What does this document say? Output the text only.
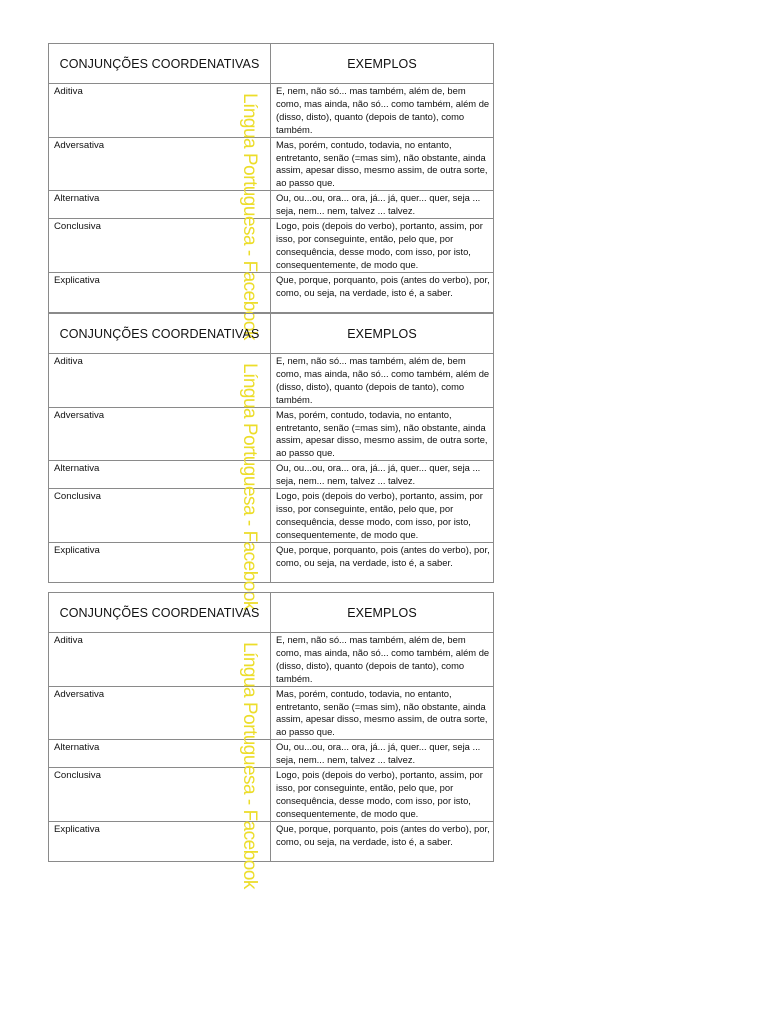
CONJUNÇÕES COORDENATIVAS	EXEMPLOS
Aditiva	E, nem, não só... mas também, além de, bem como, mas ainda, não só... como também, além de (disso, disto), quanto (depois de tanto), como também.
Adversativa	Mas, porém, contudo, todavia, no entanto, entretanto, senão (=mas sim), não obstante, ainda assim, apesar disso, mesmo assim, de outra sorte, ao passo que.
Alternativa	Ou, ou...ou, ora... ora, já... já, quer... quer, seja ... seja, nem... nem, talvez ... talvez.
Conclusiva	Logo, pois (depois do verbo), portanto, assim, por isso, por conseguinte, então, pelo que, por consequência, desse modo, com isso, por isto, consequentemente, de modo que.
Explicativa	Que, porque, porquanto, pois (antes do verbo), por, como, ou seja, na verdade, isto é, a saber.
Língua Portuguesa - Facebook
CONJUNÇÕES COORDENATIVAS	EXEMPLOS
Aditiva	E, nem, não só... mas também, além de, bem como, mas ainda, não só... como também, além de (disso, disto), quanto (depois de tanto), como também.
Adversativa	Mas, porém, contudo, todavia, no entanto, entretanto, senão (=mas sim), não obstante, ainda assim, apesar disso, mesmo assim, de outra sorte, ao passo que.
Alternativa	Ou, ou...ou, ora... ora, já... já, quer... quer, seja ... seja, nem... nem, talvez ... talvez.
Conclusiva	Logo, pois (depois do verbo), portanto, assim, por isso, por conseguinte, então, pelo que, por consequência, desse modo, com isso, por isto, consequentemente, de modo que.
Explicativa	Que, porque, porquanto, pois (antes do verbo), por, como, ou seja, na verdade, isto é, a saber.
Língua Portuguesa - Facebook
CONJUNÇÕES COORDENATIVAS	EXEMPLOS
Aditiva	E, nem, não só... mas também, além de, bem como, mas ainda, não só... como também, além de (disso, disto), quanto (depois de tanto), como também.
Adversativa	Mas, porém, contudo, todavia, no entanto, entretanto, senão (=mas sim), não obstante, ainda assim, apesar disso, mesmo assim, de outra sorte, ao passo que.
Alternativa	Ou, ou...ou, ora... ora, já... já, quer... quer, seja ... seja, nem... nem, talvez ... talvez.
Conclusiva	Logo, pois (depois do verbo), portanto, assim, por isso, por conseguinte, então, pelo que, por consequência, desse modo, com isso, por isto, consequentemente, de modo que.
Explicativa	Que, porque, porquanto, pois (antes do verbo), por, como, ou seja, na verdade, isto é, a saber.
Língua Portuguesa - Facebook
